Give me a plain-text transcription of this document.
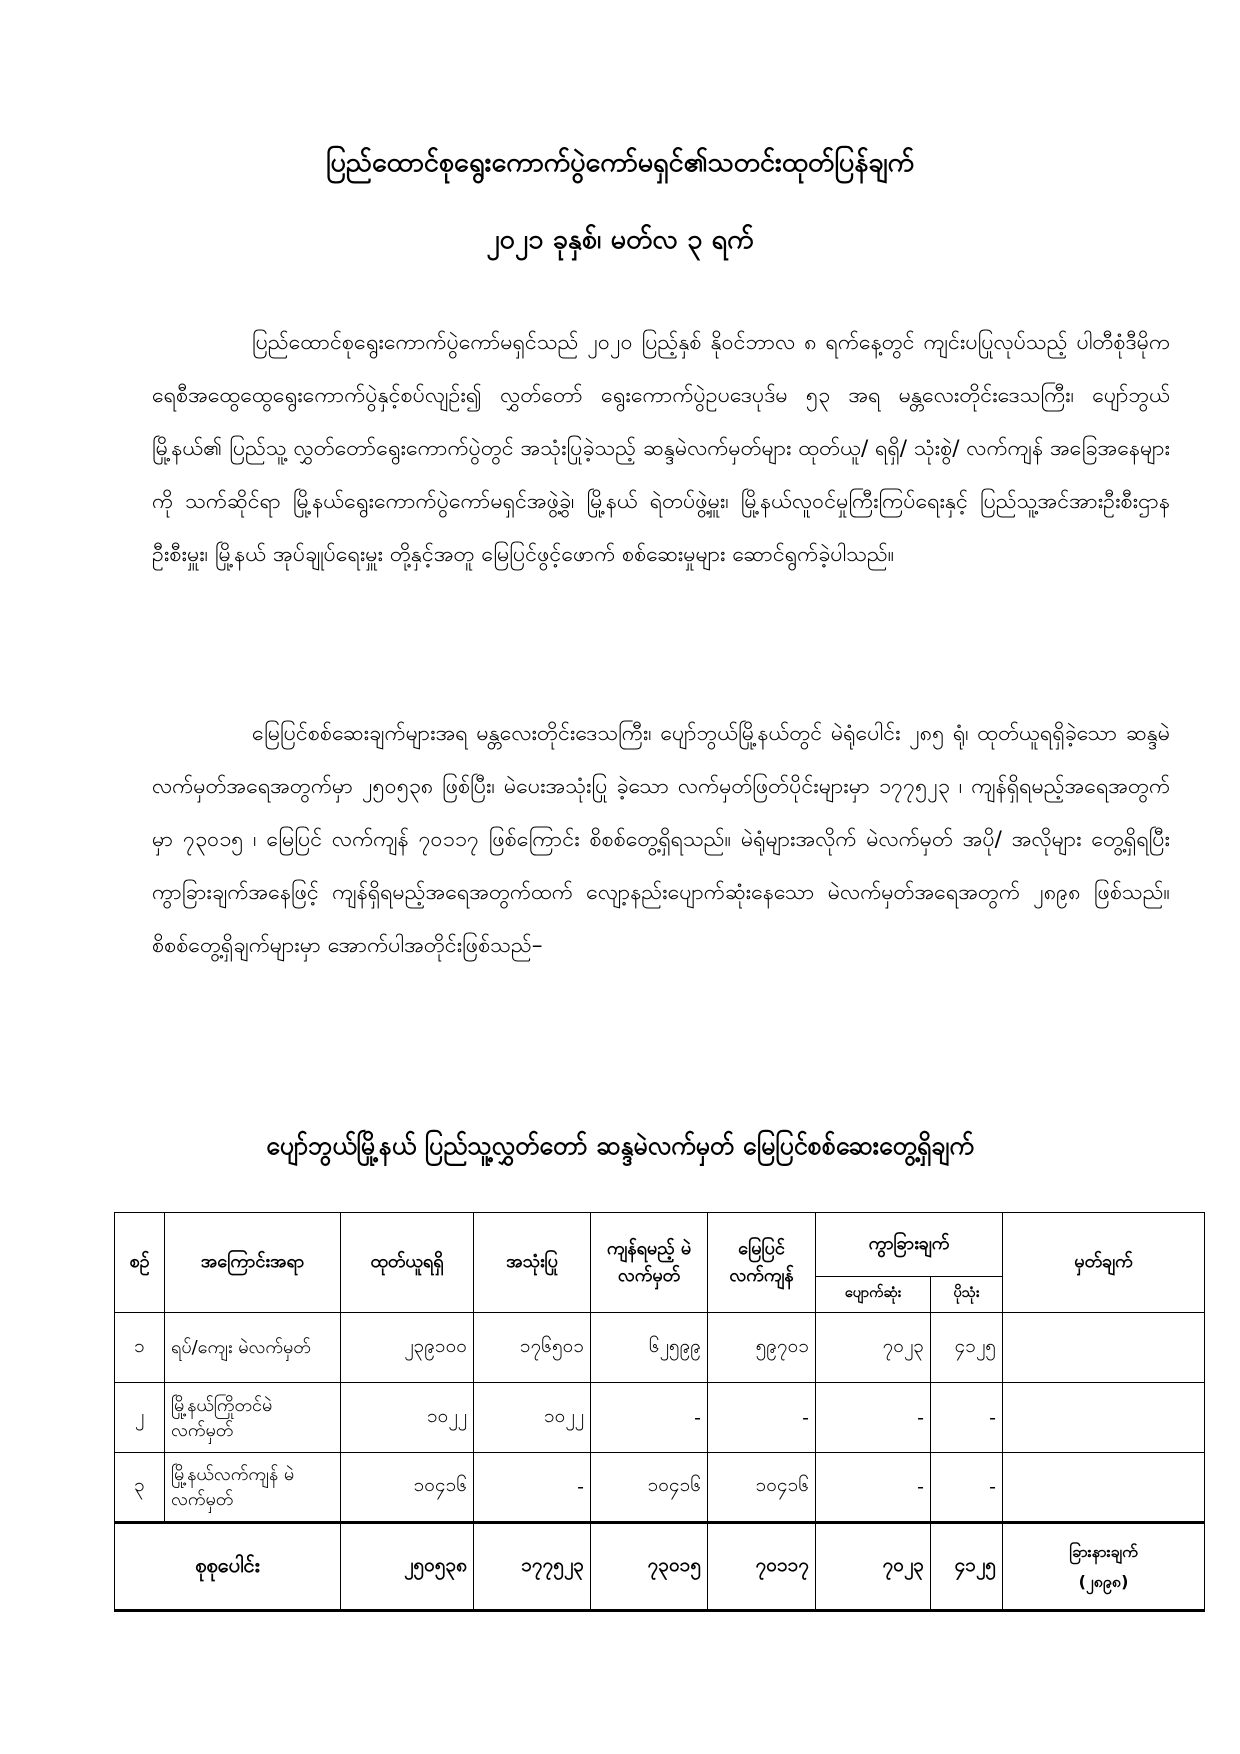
ပြည်ထောင်စုရွေးကောက်ပွဲကော်မရှင်၏သတင်းထုတ်ပြန်ချက်
၂၀၂၁ ခုနှစ်၊ မတ်လ ၃ ရက်

ပြည်ထောင်စုရွေးကောက်ပွဲကော်မရှင်သည် ၂၀၂၀ ပြည့်နှစ် နိုဝင်ဘာလ ၈ ရက်နေ့တွင် ကျင်းပပြုလုပ်သည့် ပါတီစုံဒီမိုကရေစီအထွေထွေရွေးကောက်ပွဲနှင့်စပ်လျဉ်း၍ လွှတ်တော် ရွေးကောက်ပွဲဥပဒေပုဒ်မ ၅၃ အရ မန္တလေးတိုင်းဒေသကြီး၊ ပျော်ဘွယ်မြို့နယ်၏ ပြည်သူ့ လွှတ်တော်ရွေးကောက်ပွဲတွင် အသုံးပြုခဲ့သည့် ဆန္ဒမဲလက်မှတ်များ ထုတ်ယူ/ ရရှိ/ သုံးစွဲ/ လက်ကျန် အခြေအနေများကို သက်ဆိုင်ရာ မြို့နယ်ရွေးကောက်ပွဲကော်မရှင်အဖွဲ့ခွဲ၊ မြို့နယ် ရဲတပ်ဖွဲ့မှူး၊ မြို့နယ်လူဝင်မှုကြီးကြပ်ရေးနှင့် ပြည်သူ့အင်အားဦးစီးဌာနဦးစီးမှူး၊ မြို့နယ် အုပ်ချုပ်ရေးမှူး တို့နှင့်အတူ မြေပြင်ဖွင့်ဖောက် စစ်ဆေးမှုများ ဆောင်ရွက်ခဲ့ပါသည်။

မြေပြင်စစ်ဆေးချက်များအရ မန္တလေးတိုင်းဒေသကြီး၊ ပျော်ဘွယ်မြို့နယ်တွင် မဲရုံပေါင်း ၂၈၅ ရုံ၊ ထုတ်ယူရရှိခဲ့သော ဆန္ဒမဲလက်မှတ်အရေအတွက်မှာ ၂၅၀၅၃၈ ဖြစ်ပြီး၊ မဲပေးအသုံးပြု ခဲ့သော လက်မှတ်ဖြတ်ပိုင်းများမှာ ၁၇၇၅၂၃ ၊ ကျန်ရှိရမည့်အရေအတွက်မှာ ၇၃၀၁၅ ၊ မြေပြင် လက်ကျန် ၇၀၁၁၇ ဖြစ်ကြောင်း စိစစ်တွေ့ရှိရသည်။ မဲရုံများအလိုက် မဲလက်မှတ် အပို/ အလိုများ တွေ့ရှိရပြီး ကွာခြားချက်အနေဖြင့် ကျန်ရှိရမည့်အရေအတွက်ထက် လျော့နည်းပျောက်ဆုံးနေသော မဲလက်မှတ်အရေအတွက် ၂၈၉၈ ဖြစ်သည်။ စိစစ်တွေ့ရှိချက်များမှာ အောက်ပါအတိုင်းဖြစ်သည်–

ပျော်ဘွယ်မြို့နယ် ပြည်သူ့လွှတ်တော် ဆန္ဒမဲလက်မှတ် မြေပြင်စစ်ဆေးတွေ့ရှိချက်
စဉ်	အကြောင်းအရာ	ထုတ်ယူရရှိ	အသုံးပြု	ကျန်ရမည့် မဲလက်မှတ်	မြေပြင် လက်ကျန်	ကွာခြားချက်		မှတ်ချက်
						ပျောက်ဆုံး	ပိုသုံး	
၁	ရပ်/ကျေး မဲလက်မှတ်	၂၃၉၁၀၀	၁၇၆၅၀၁	၆၂၅၉၉	၅၉၇၀၁	၇၀၂၃	၄၁၂၅	
၂	မြို့နယ်ကြိုတင်မဲ လက်မှတ်	၁၀၂၂	၁၀၂၂	-	-	-	-	
၃	မြို့နယ်လက်ကျန် မဲလက်မှတ်	၁၀၄၁၆	-	၁၀၄၁၆	၁၀၄၁၆	-	-	
စုစုပေါင်း		၂၅၀၅၃၈	၁၇၇၅၂၃	၇၃၀၁၅	၇၀၁၁၇	၇၀၂၃	၄၁၂၅	ခြားနားချက်
(၂၈၉၈)
